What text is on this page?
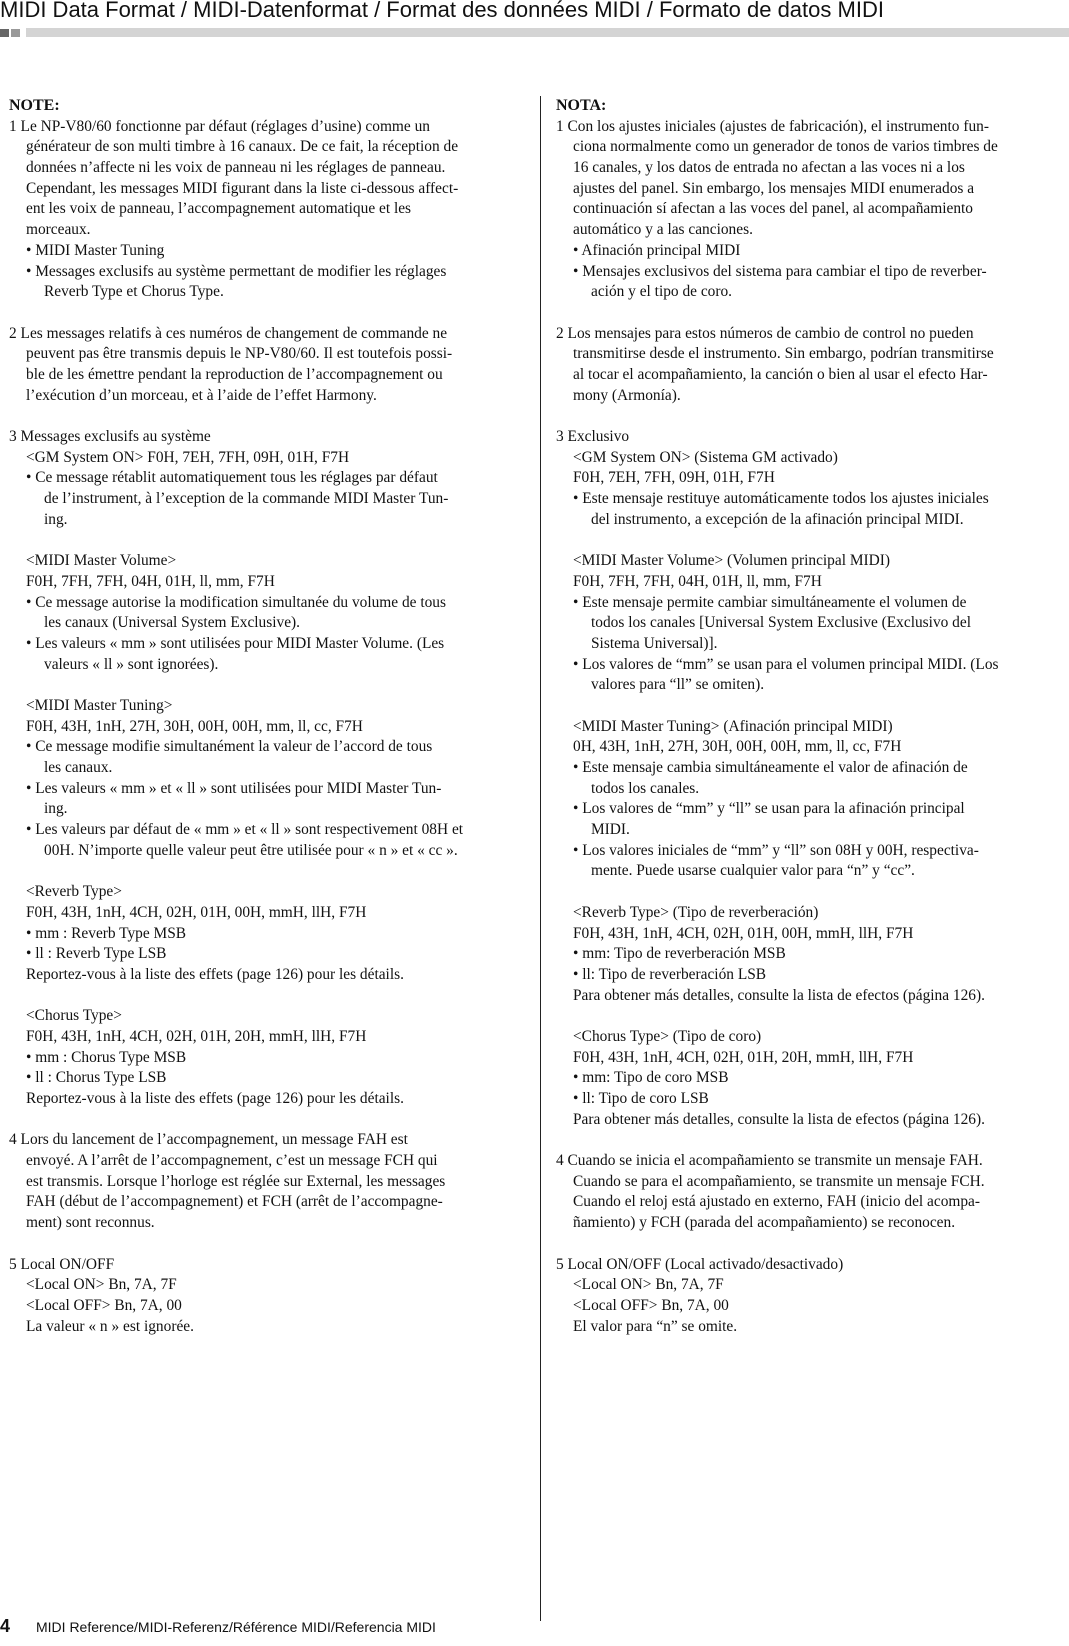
MIDI Data Format / MIDI-Datenformat / Format des données MIDI / Formato de datos MIDI
NOTE:
1 Le NP-V80/60 fonctionne par défaut (réglages d’usine) comme un
générateur de son multi timbre à 16 canaux. De ce fait, la réception de
données n’affecte ni les voix de panneau ni les réglages de panneau.
Cependant, les messages MIDI figurant dans la liste ci-dessous affect-
ent les voix de panneau, l’accompagnement automatique et les
morceaux.
• MIDI Master Tuning
• Messages exclusifs au système permettant de modifier les réglages
Reverb Type et Chorus Type.
2 Les messages relatifs à ces numéros de changement de commande ne
peuvent pas être transmis depuis le NP-V80/60. Il est toutefois possi-
ble de les émettre pendant la reproduction de l’accompagnement ou
l’exécution d’un morceau, et à l’aide de l’effet Harmony.
3 Messages exclusifs au système
<GM System ON> F0H, 7EH, 7FH, 09H, 01H, F7H
• Ce message rétablit automatiquement tous les réglages par défaut
de l’instrument, à l’exception de la commande MIDI Master Tun-
ing.
<MIDI Master Volume>
F0H, 7FH, 7FH, 04H, 01H, ll, mm, F7H
• Ce message autorise la modification simultanée du volume de tous
les canaux (Universal System Exclusive).
• Les valeurs « mm » sont utilisées pour MIDI Master Volume. (Les
valeurs « ll » sont ignorées).
<MIDI Master Tuning>
F0H, 43H, 1nH, 27H, 30H, 00H, 00H, mm, ll, cc, F7H
• Ce message modifie simultanément la valeur de l’accord de tous
les canaux.
• Les valeurs « mm » et « ll » sont utilisées pour MIDI Master Tun-
ing.
• Les valeurs par défaut de « mm » et « ll » sont respectivement 08H et
00H. N’importe quelle valeur peut être utilisée pour « n » et « cc ».
<Reverb Type>
F0H, 43H, 1nH, 4CH, 02H, 01H, 00H, mmH, llH, F7H
• mm : Reverb Type MSB
• ll : Reverb Type LSB
Reportez-vous à la liste des effets (page 126) pour les détails.
<Chorus Type>
F0H, 43H, 1nH, 4CH, 02H, 01H, 20H, mmH, llH, F7H
• mm : Chorus Type MSB
• ll : Chorus Type LSB
Reportez-vous à la liste des effets (page 126) pour les détails.
4 Lors du lancement de l’accompagnement, un message FAH est
envoyé. A l’arrêt de l’accompagnement, c’est un message FCH qui
est transmis. Lorsque l’horloge est réglée sur External, les messages
FAH (début de l’accompagnement) et FCH (arrêt de l’accompagne-
ment) sont reconnus.
5 Local ON/OFF
<Local ON> Bn, 7A, 7F
<Local OFF> Bn, 7A, 00
La valeur « n » est ignorée.
NOTA:
1 Con los ajustes iniciales (ajustes de fabricación), el instrumento fun-
ciona normalmente como un generador de tonos de varios timbres de
16 canales, y los datos de entrada no afectan a las voces ni a los
ajustes del panel. Sin embargo, los mensajes MIDI enumerados a
continuación sí afectan a las voces del panel, al acompañamiento
automático y a las canciones.
• Afinación principal MIDI
• Mensajes exclusivos del sistema para cambiar el tipo de reverber-
ación y el tipo de coro.
2 Los mensajes para estos números de cambio de control no pueden
transmitirse desde el instrumento. Sin embargo, podrían transmitirse
al tocar el acompañamiento, la canción o bien al usar el efecto Har-
mony (Armonía).
3 Exclusivo
<GM System ON> (Sistema GM activado)
F0H, 7EH, 7FH, 09H, 01H, F7H
• Este mensaje restituye automáticamente todos los ajustes iniciales
del instrumento, a excepción de la afinación principal MIDI.
<MIDI Master Volume> (Volumen principal MIDI)
F0H, 7FH, 7FH, 04H, 01H, ll, mm, F7H
• Este mensaje permite cambiar simultáneamente el volumen de
todos los canales [Universal System Exclusive (Exclusivo del
Sistema Universal)].
• Los valores de “mm” se usan para el volumen principal MIDI. (Los
valores para “ll” se omiten).
<MIDI Master Tuning> (Afinación principal MIDI)
0H, 43H, 1nH, 27H, 30H, 00H, 00H, mm, ll, cc, F7H
• Este mensaje cambia simultáneamente el valor de afinación de
todos los canales.
• Los valores de “mm” y “ll” se usan para la afinación principal
MIDI.
• Los valores iniciales de “mm” y “ll” son 08H y 00H, respectiva-
mente. Puede usarse cualquier valor para “n” y “cc”.
<Reverb Type> (Tipo de reverberación)
F0H, 43H, 1nH, 4CH, 02H, 01H, 00H, mmH, llH, F7H
• mm: Tipo de reverberación MSB
• ll: Tipo de reverberación LSB
Para obtener más detalles, consulte la lista de efectos (página 126).
<Chorus Type> (Tipo de coro)
F0H, 43H, 1nH, 4CH, 02H, 01H, 20H, mmH, llH, F7H
• mm: Tipo de coro MSB
• ll: Tipo de coro LSB
Para obtener más detalles, consulte la lista de efectos (página 126).
4 Cuando se inicia el acompañamiento se transmite un mensaje FAH.
Cuando se para el acompañamiento, se transmite un mensaje FCH.
Cuando el reloj está ajustado en externo, FAH (inicio del acompa-
ñamiento) y FCH (parada del acompañamiento) se reconocen.
5 Local ON/OFF (Local activado/desactivado)
<Local ON> Bn, 7A, 7F
<Local OFF> Bn, 7A, 00
El valor para “n” se omite.
4 MIDI Reference/MIDI-Referenz/Référence MIDI/Referencia MIDI
